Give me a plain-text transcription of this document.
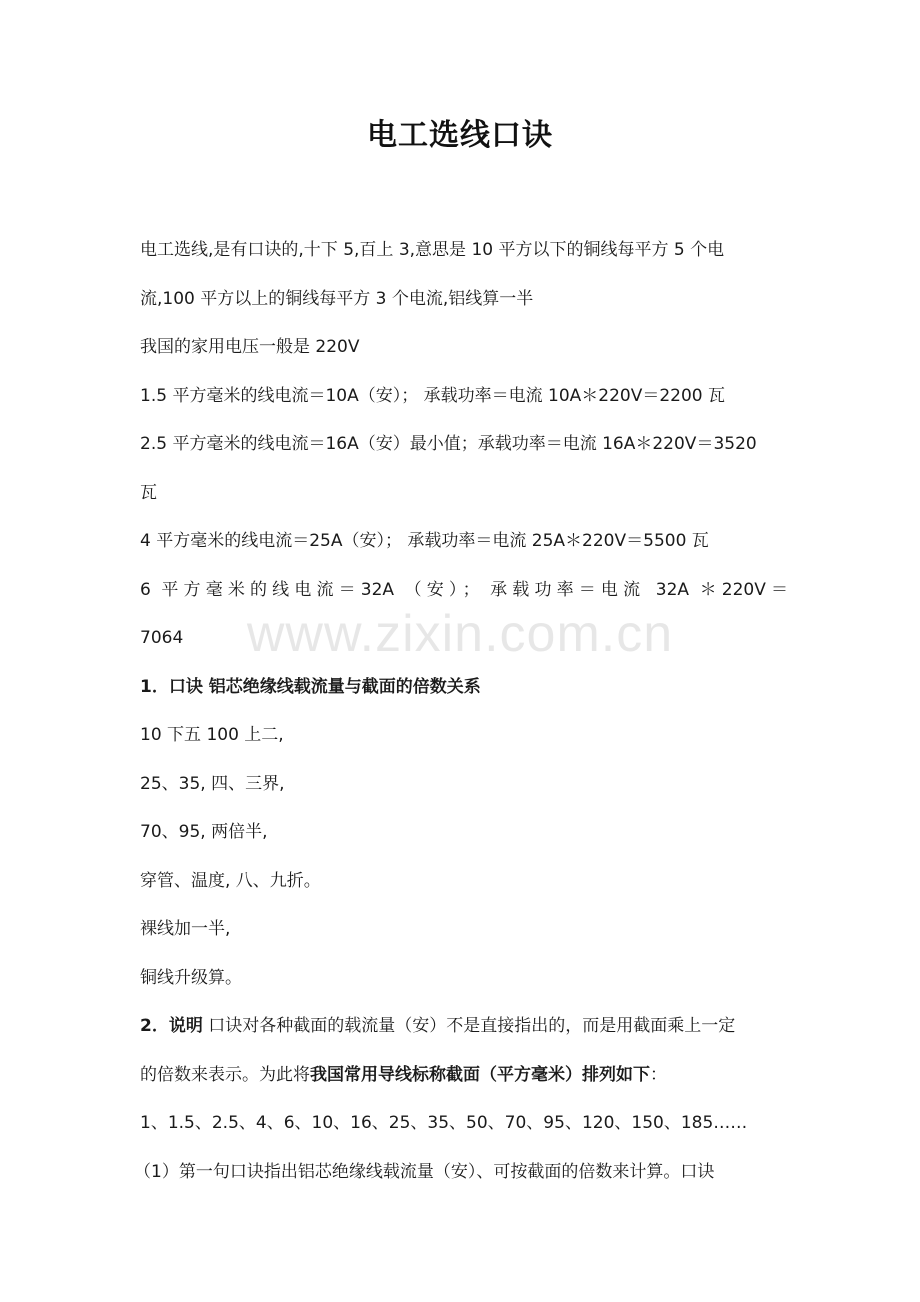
电工选线口诀
www.zixin.com.cn
电工选线,是有口诀的,十下 5,百上 3,意思是 10 平方以下的铜线每平方 5 个电
流,100 平方以上的铜线每平方 3 个电流,铝线算一半
我国的家用电压一般是 220V
1.5 平方毫米的线电流＝10A（安）； 承载功率＝电流 10A＊220V＝2200 瓦
2.5 平方毫米的线电流＝16A（安）最小值；承载功率＝电流 16A＊220V＝3520
瓦
4 平方毫米的线电流＝25A（安）； 承载功率＝电流 25A＊220V＝5500 瓦
6 平方毫米的线电流＝32A （安）； 承载功率＝电流 32A ＊220V＝
7064
1．口诀 铝芯绝缘线载流量与截面的倍数关系
10 下五 100 上二,
25、35, 四、三界,
70、95, 两倍半,
穿管、温度, 八、九折。
裸线加一半,
铜线升级算。
2．说明 口诀对各种截面的载流量（安）不是直接指出的，而是用截面乘上一定
的倍数来表示。为此将我国常用导线标称截面（平方毫米）排列如下：
1、1.5、2.5、4、6、10、16、25、35、50、70、95、120、150、185……
（1）第一句口诀指出铝芯绝缘线载流量（安）、可按截面的倍数来计算。口诀
